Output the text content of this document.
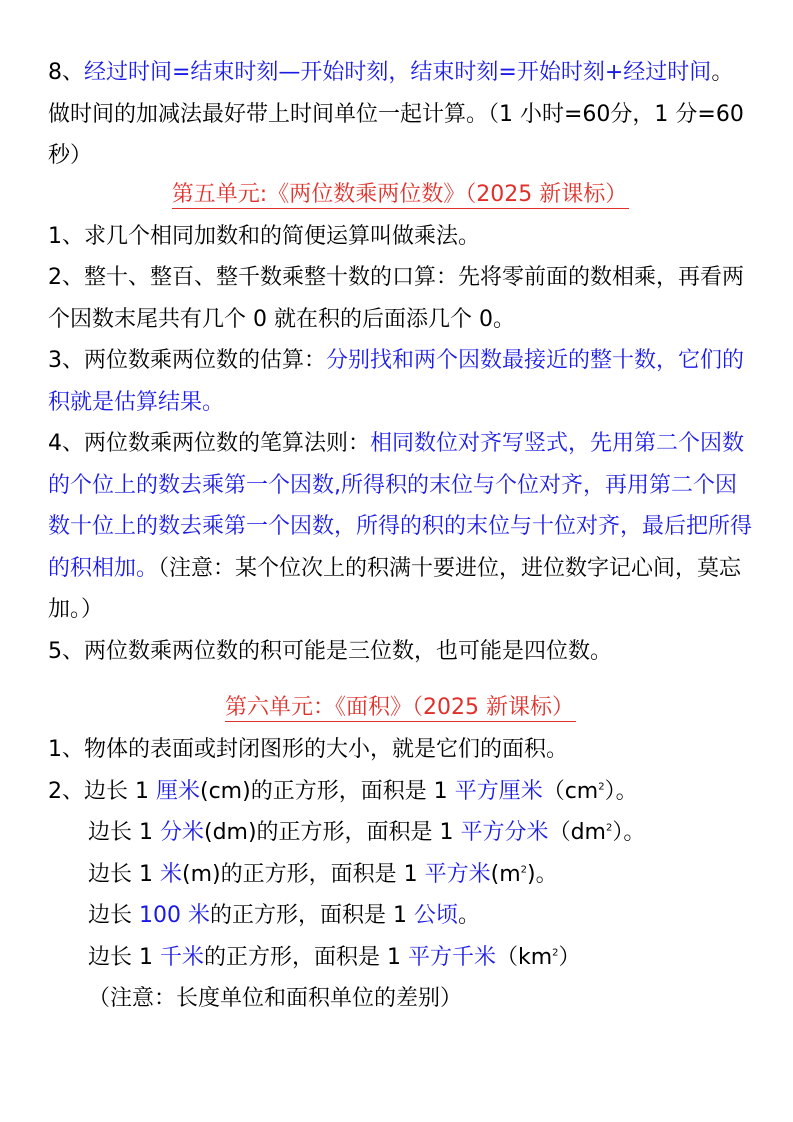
8、经过时间=结束时刻—开始时刻，结束时刻=开始时刻+经过时间。做时间的加减法最好带上时间单位一起计算。（1 小时=60分，1 分=60 秒）

第五单元:《两位数乘两位数》（2025 新课标）

1、求几个相同加数和的简便运算叫做乘法。

2、整十、整百、整千数乘整十数的口算：先将零前面的数相乘，再看两个因数末尾共有几个 0 就在积的后面添几个 0。

3、两位数乘两位数的估算：分别找和两个因数最接近的整十数，它们的积就是估算结果。

4、两位数乘两位数的笔算法则：相同数位对齐写竖式，先用第二个因数的个位上的数去乘第一个因数,所得积的末位与个位对齐，再用第二个因数十位上的数去乘第一个因数，所得的积的末位与十位对齐，最后把所得的积相加。（注意：某个位次上的积满十要进位，进位数字记心间，莫忘加。）

5、两位数乘两位数的积可能是三位数，也可能是四位数。

第六单元：《面积》（2025 新课标）

1、物体的表面或封闭图形的大小，就是它们的面积。

2、边长 1 厘米(cm)的正方形，面积是 1 平方厘米$(cm^2)$。

边长 1 分米(dm)的正方形，面积是 1 平方分米$(dm^2)$。

边长 1 米(m)的正方形，面积是 1 平方米$(m^2)$。

边长 100 米的正方形，面积是 1 公顷。

边长 1 千米的正方形，面积是 1 平方千米$(km^2)$

（注意：长度单位和面积单位的差别）
